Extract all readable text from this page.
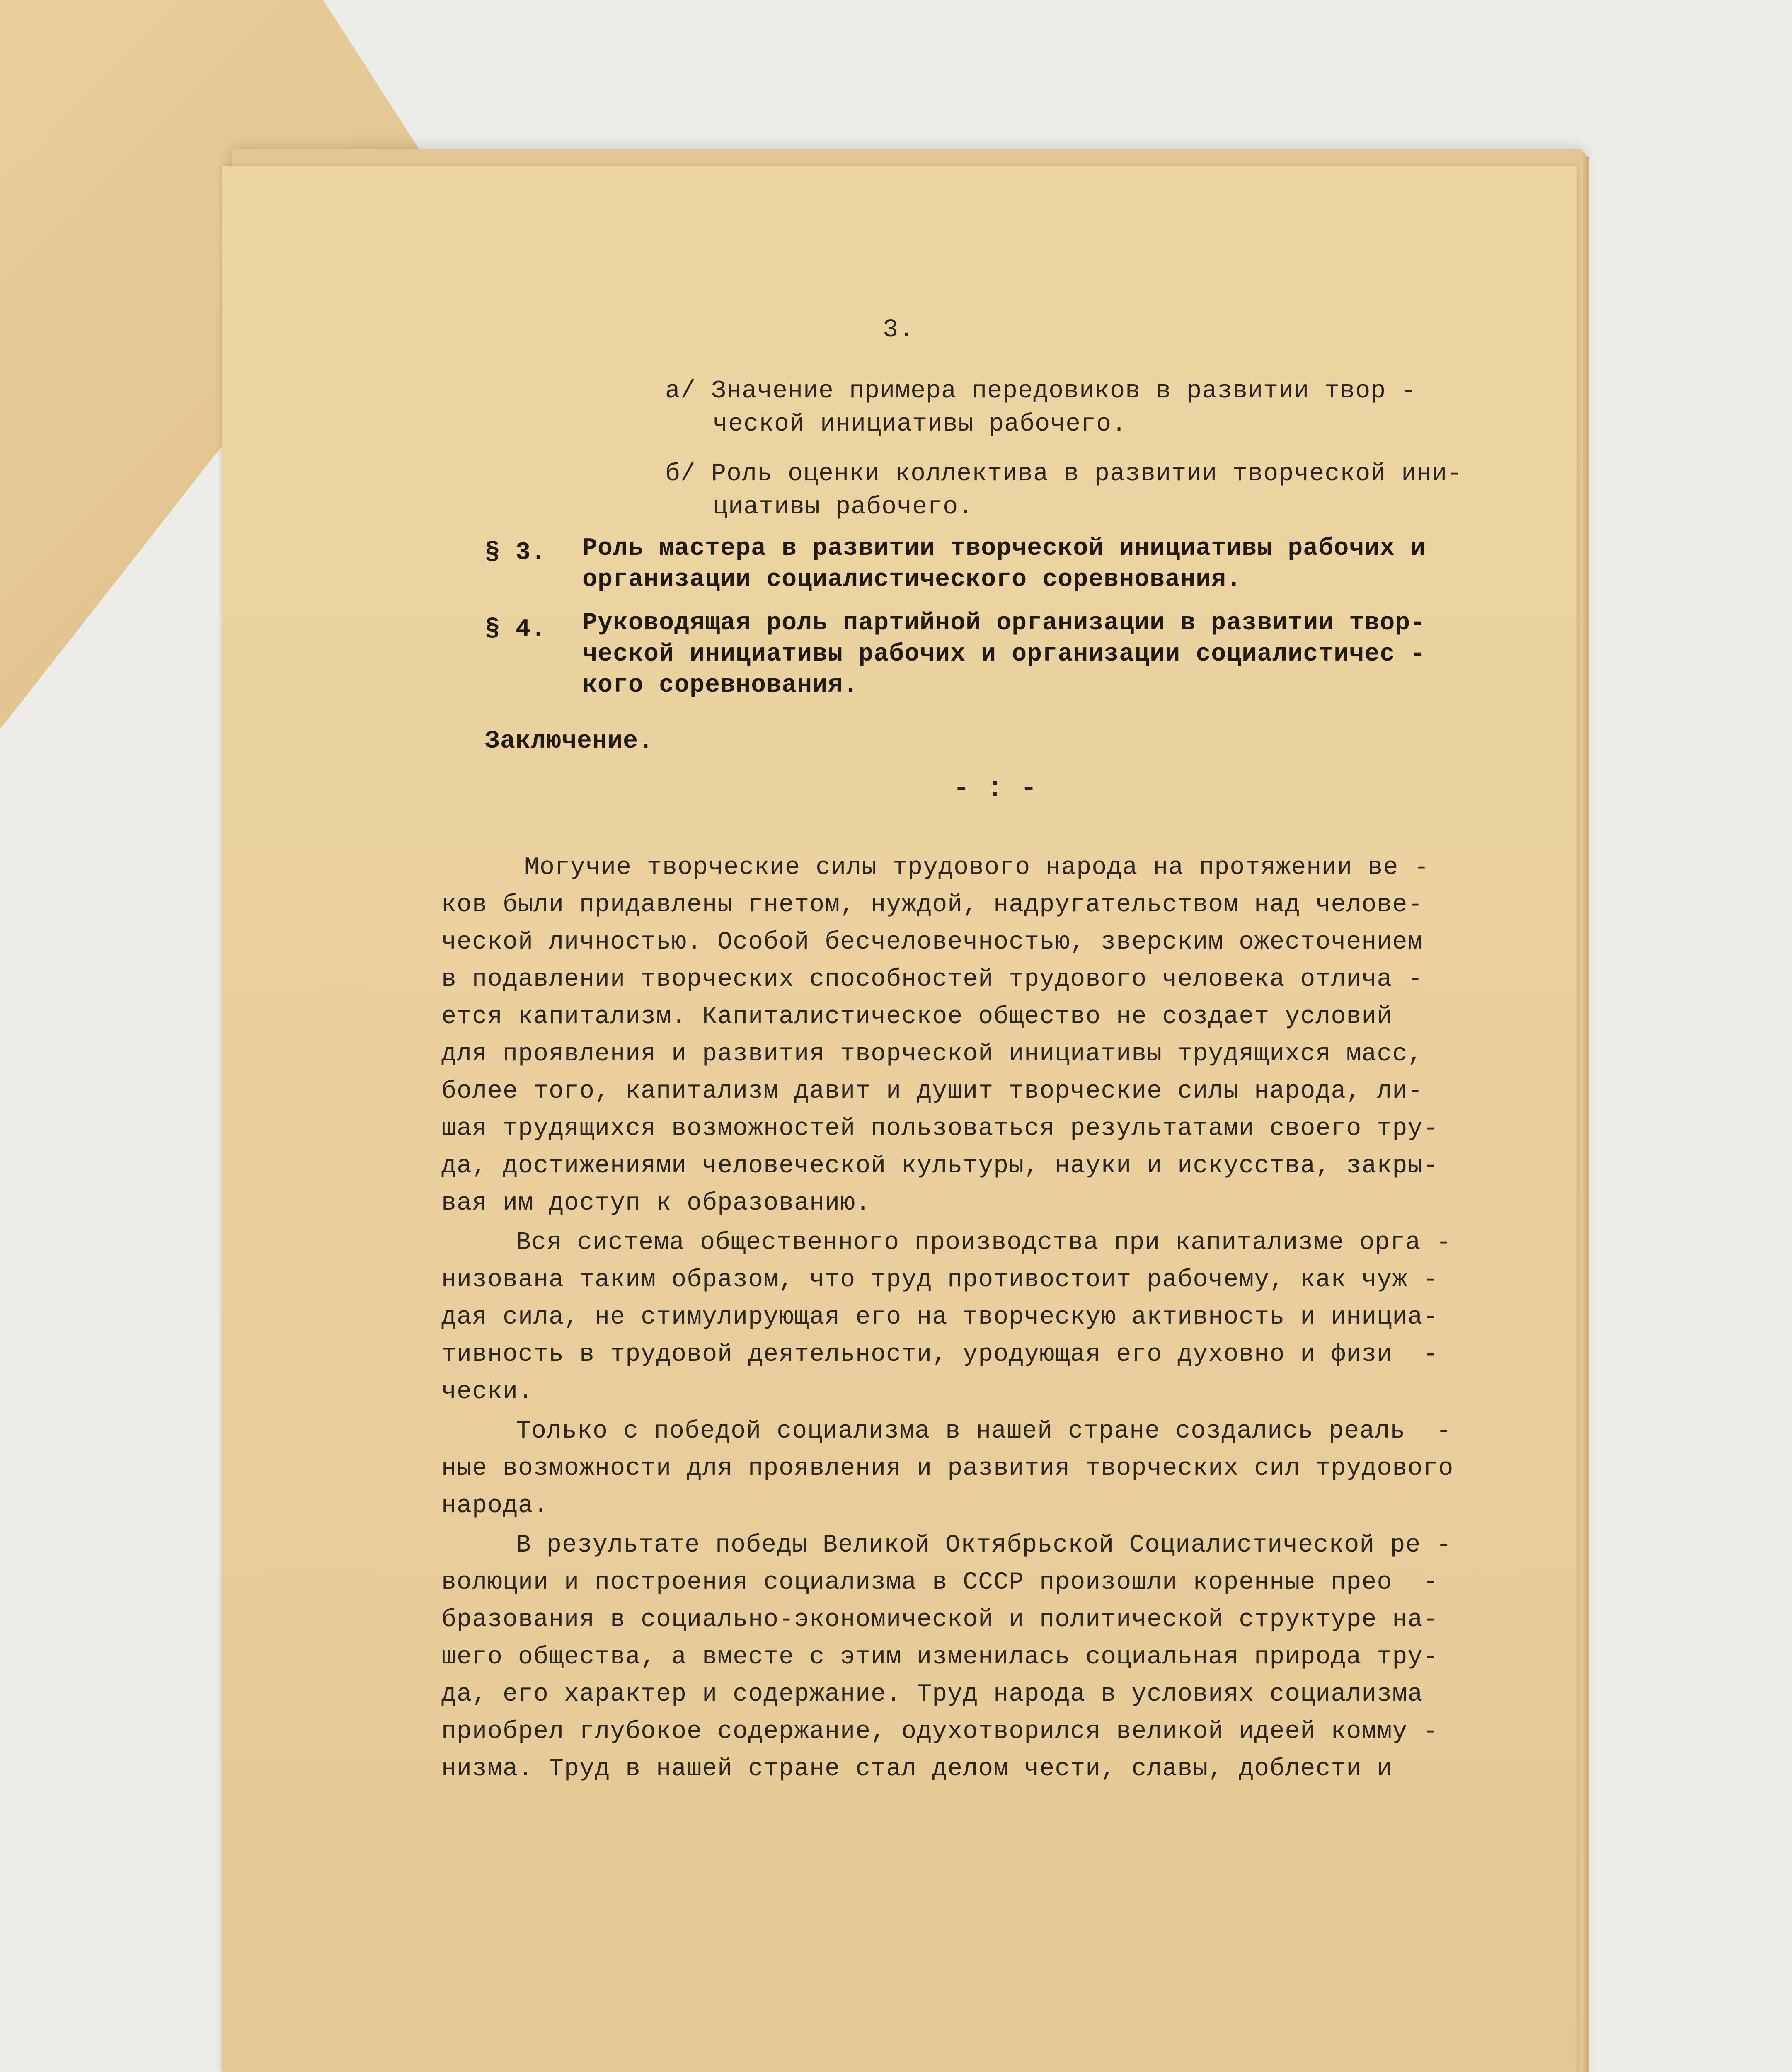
3.
а/ Значение примера передовиков в развитии твор -
ческой инициативы рабочего.
б/ Роль оценки коллектива в развитии творческой ини-
циативы рабочего.
§ 3. Роль мастера в развитии творческой инициативы рабочих и
организации социалистического соревнования.
§ 4. Руководящая роль партийной организации в развитии твор-
ческой инициативы рабочих и организации социалистичес -
кого соревнования.
Заключение.
- : -
Могучие творческие силы трудового народа на протяжении ве -
ков были придавлены гнетом, нуждой, надругательством над челове-
ческой личностью. Особой бесчеловечностью, зверским ожесточением
в подавлении творческих способностей трудового человека отлича -
ется капитализм. Капиталистическое общество не создает условий
для проявления и развития творческой инициативы трудящихся масс,
более того, капитализм давит и душит творческие силы народа, ли-
шая трудящихся возможностей пользоваться результатами своего тру-
да, достижениями человеческой культуры, науки и искусства, закры-
вая им доступ к образованию.
Вся система общественного производства при капитализме орга -
низована таким образом, что труд противостоит рабочему, как чуж -
дая сила, не стимулирующая его на творческую активность и инициа-
тивность в трудовой деятельности, уродующая его духовно и физи  -
чески.
Только с победой социализма в нашей стране создались реаль  -
ные возможности для проявления и развития творческих сил трудового
народа.
В результате победы Великой Октябрьской Социалистической ре -
волюции и построения социализма в СССР произошли коренные прео  -
бразования в социально-экономической и политической структуре на-
шего общества, а вместе с этим изменилась социальная природа тру-
да, его характер и содержание. Труд народа в условиях социализма
приобрел глубокое содержание, одухотворился великой идеей комму -
низма. Труд в нашей стране стал делом чести, славы, доблести и
